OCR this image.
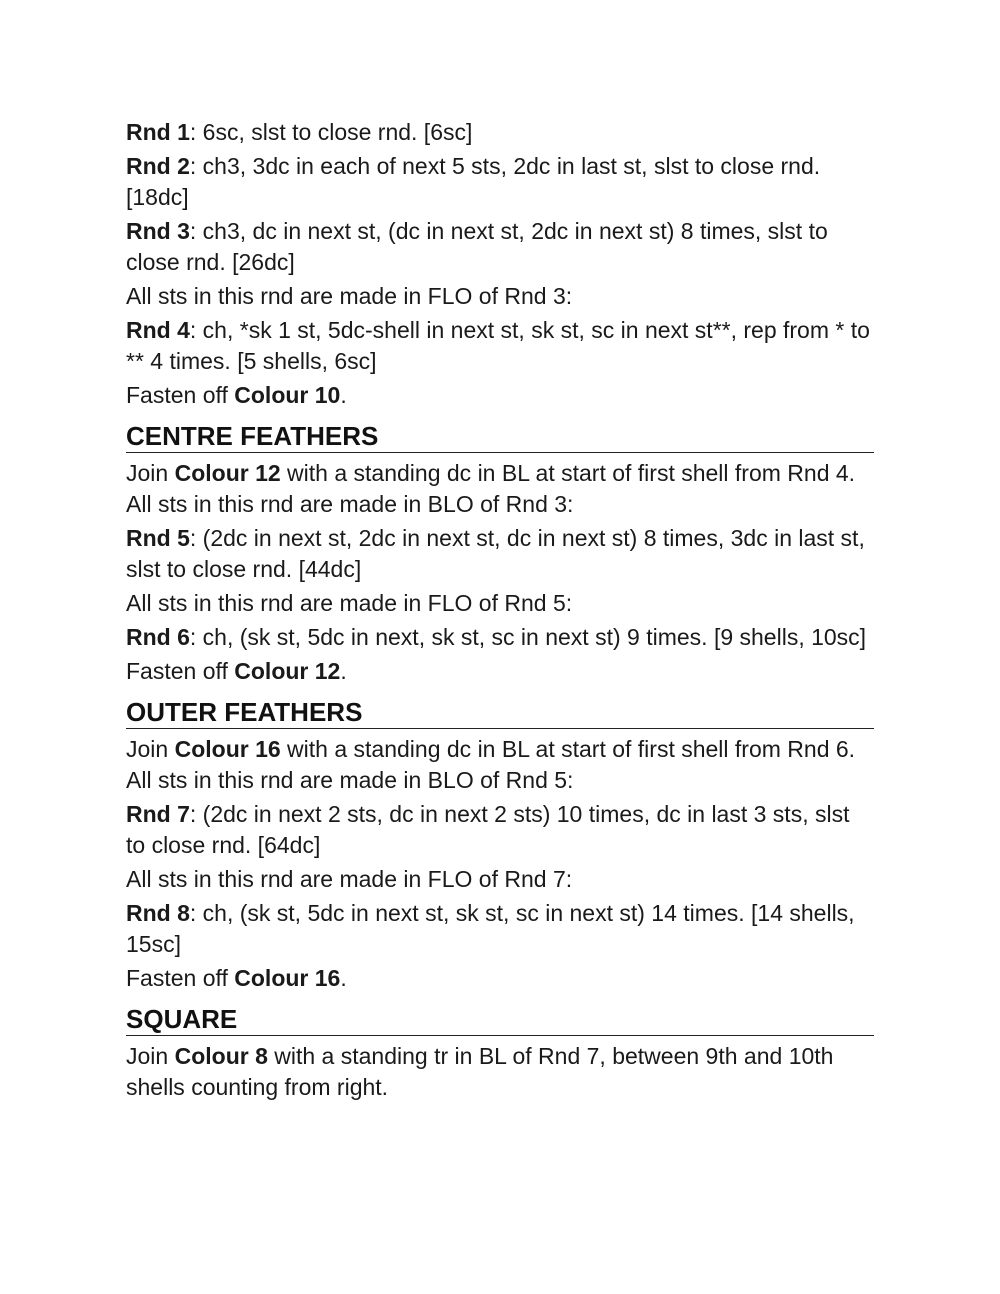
Rnd 1: 6sc, slst to close rnd. [6sc]

Rnd 2: ch3, 3dc in each of next 5 sts, 2dc in last st, slst to close rnd. [18dc]

Rnd 3: ch3, dc in next st, (dc in next st, 2dc in next st) 8 times, slst to close rnd. [26dc]

All sts in this rnd are made in FLO of Rnd 3:

Rnd 4: ch, *sk 1 st, 5dc-shell in next st, sk st, sc in next st**, rep from * to ** 4 times. [5 shells, 6sc]

Fasten off Colour 10.

CENTRE FEATHERS

Join Colour 12 with a standing dc in BL at start of first shell from Rnd 4. All sts in this rnd are made in BLO of Rnd 3:

Rnd 5: (2dc in next st, 2dc in next st, dc in next st) 8 times, 3dc in last st, slst to close rnd. [44dc]

All sts in this rnd are made in FLO of Rnd 5:

Rnd 6: ch, (sk st, 5dc in next, sk st, sc in next st) 9 times. [9 shells, 10sc]

Fasten off Colour 12.

OUTER FEATHERS

Join Colour 16 with a standing dc in BL at start of first shell from Rnd 6. All sts in this rnd are made in BLO of Rnd 5:

Rnd 7: (2dc in next 2 sts, dc in next 2 sts) 10 times, dc in last 3 sts, slst to close rnd. [64dc]

All sts in this rnd are made in FLO of Rnd 7:

Rnd 8: ch, (sk st, 5dc in next st, sk st, sc in next st) 14 times. [14 shells, 15sc]

Fasten off Colour 16.

SQUARE

Join Colour 8 with a standing tr in BL of Rnd 7, between 9th and 10th shells counting from right.
